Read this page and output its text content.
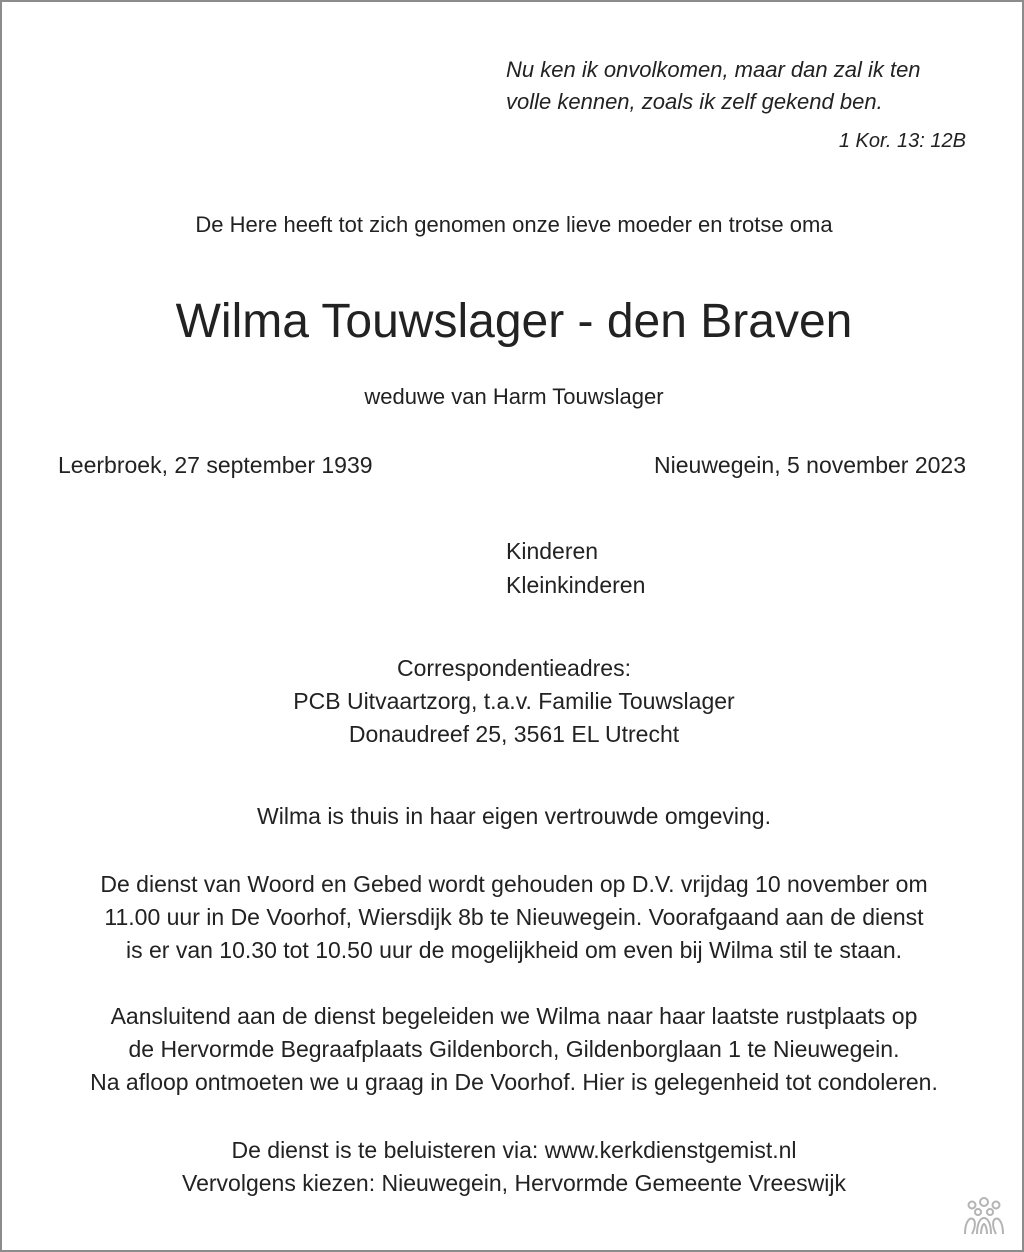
Nu ken ik onvolkomen, maar dan zal ik ten
volle kennen, zoals ik zelf gekend ben.
1 Kor. 13: 12B
De Here heeft tot zich genomen onze lieve moeder en trotse oma
Wilma Touwslager - den Braven
weduwe van Harm Touwslager
Leerbroek, 27 september 1939	Nieuwegein, 5 november 2023
Kinderen
Kleinkinderen
Correspondentieadres:
PCB Uitvaartzorg, t.a.v. Familie Touwslager
Donaudreef 25, 3561 EL Utrecht
Wilma is thuis in haar eigen vertrouwde omgeving.
De dienst van Woord en Gebed wordt gehouden op D.V. vrijdag 10 november om
11.00 uur in De Voorhof, Wiersdijk 8b te Nieuwegein. Voorafgaand aan de dienst
is er van 10.30 tot 10.50 uur de mogelijkheid om even bij Wilma stil te staan.
Aansluitend aan de dienst begeleiden we Wilma naar haar laatste rustplaats op
de Hervormde Begraafplaats Gildenborch, Gildenborglaan 1 te Nieuwegein.
Na afloop ontmoeten we u graag in De Voorhof. Hier is gelegenheid tot condoleren.
De dienst is te beluisteren via: www.kerkdienstgemist.nl
Vervolgens kiezen: Nieuwegein, Hervormde Gemeente Vreeswijk
